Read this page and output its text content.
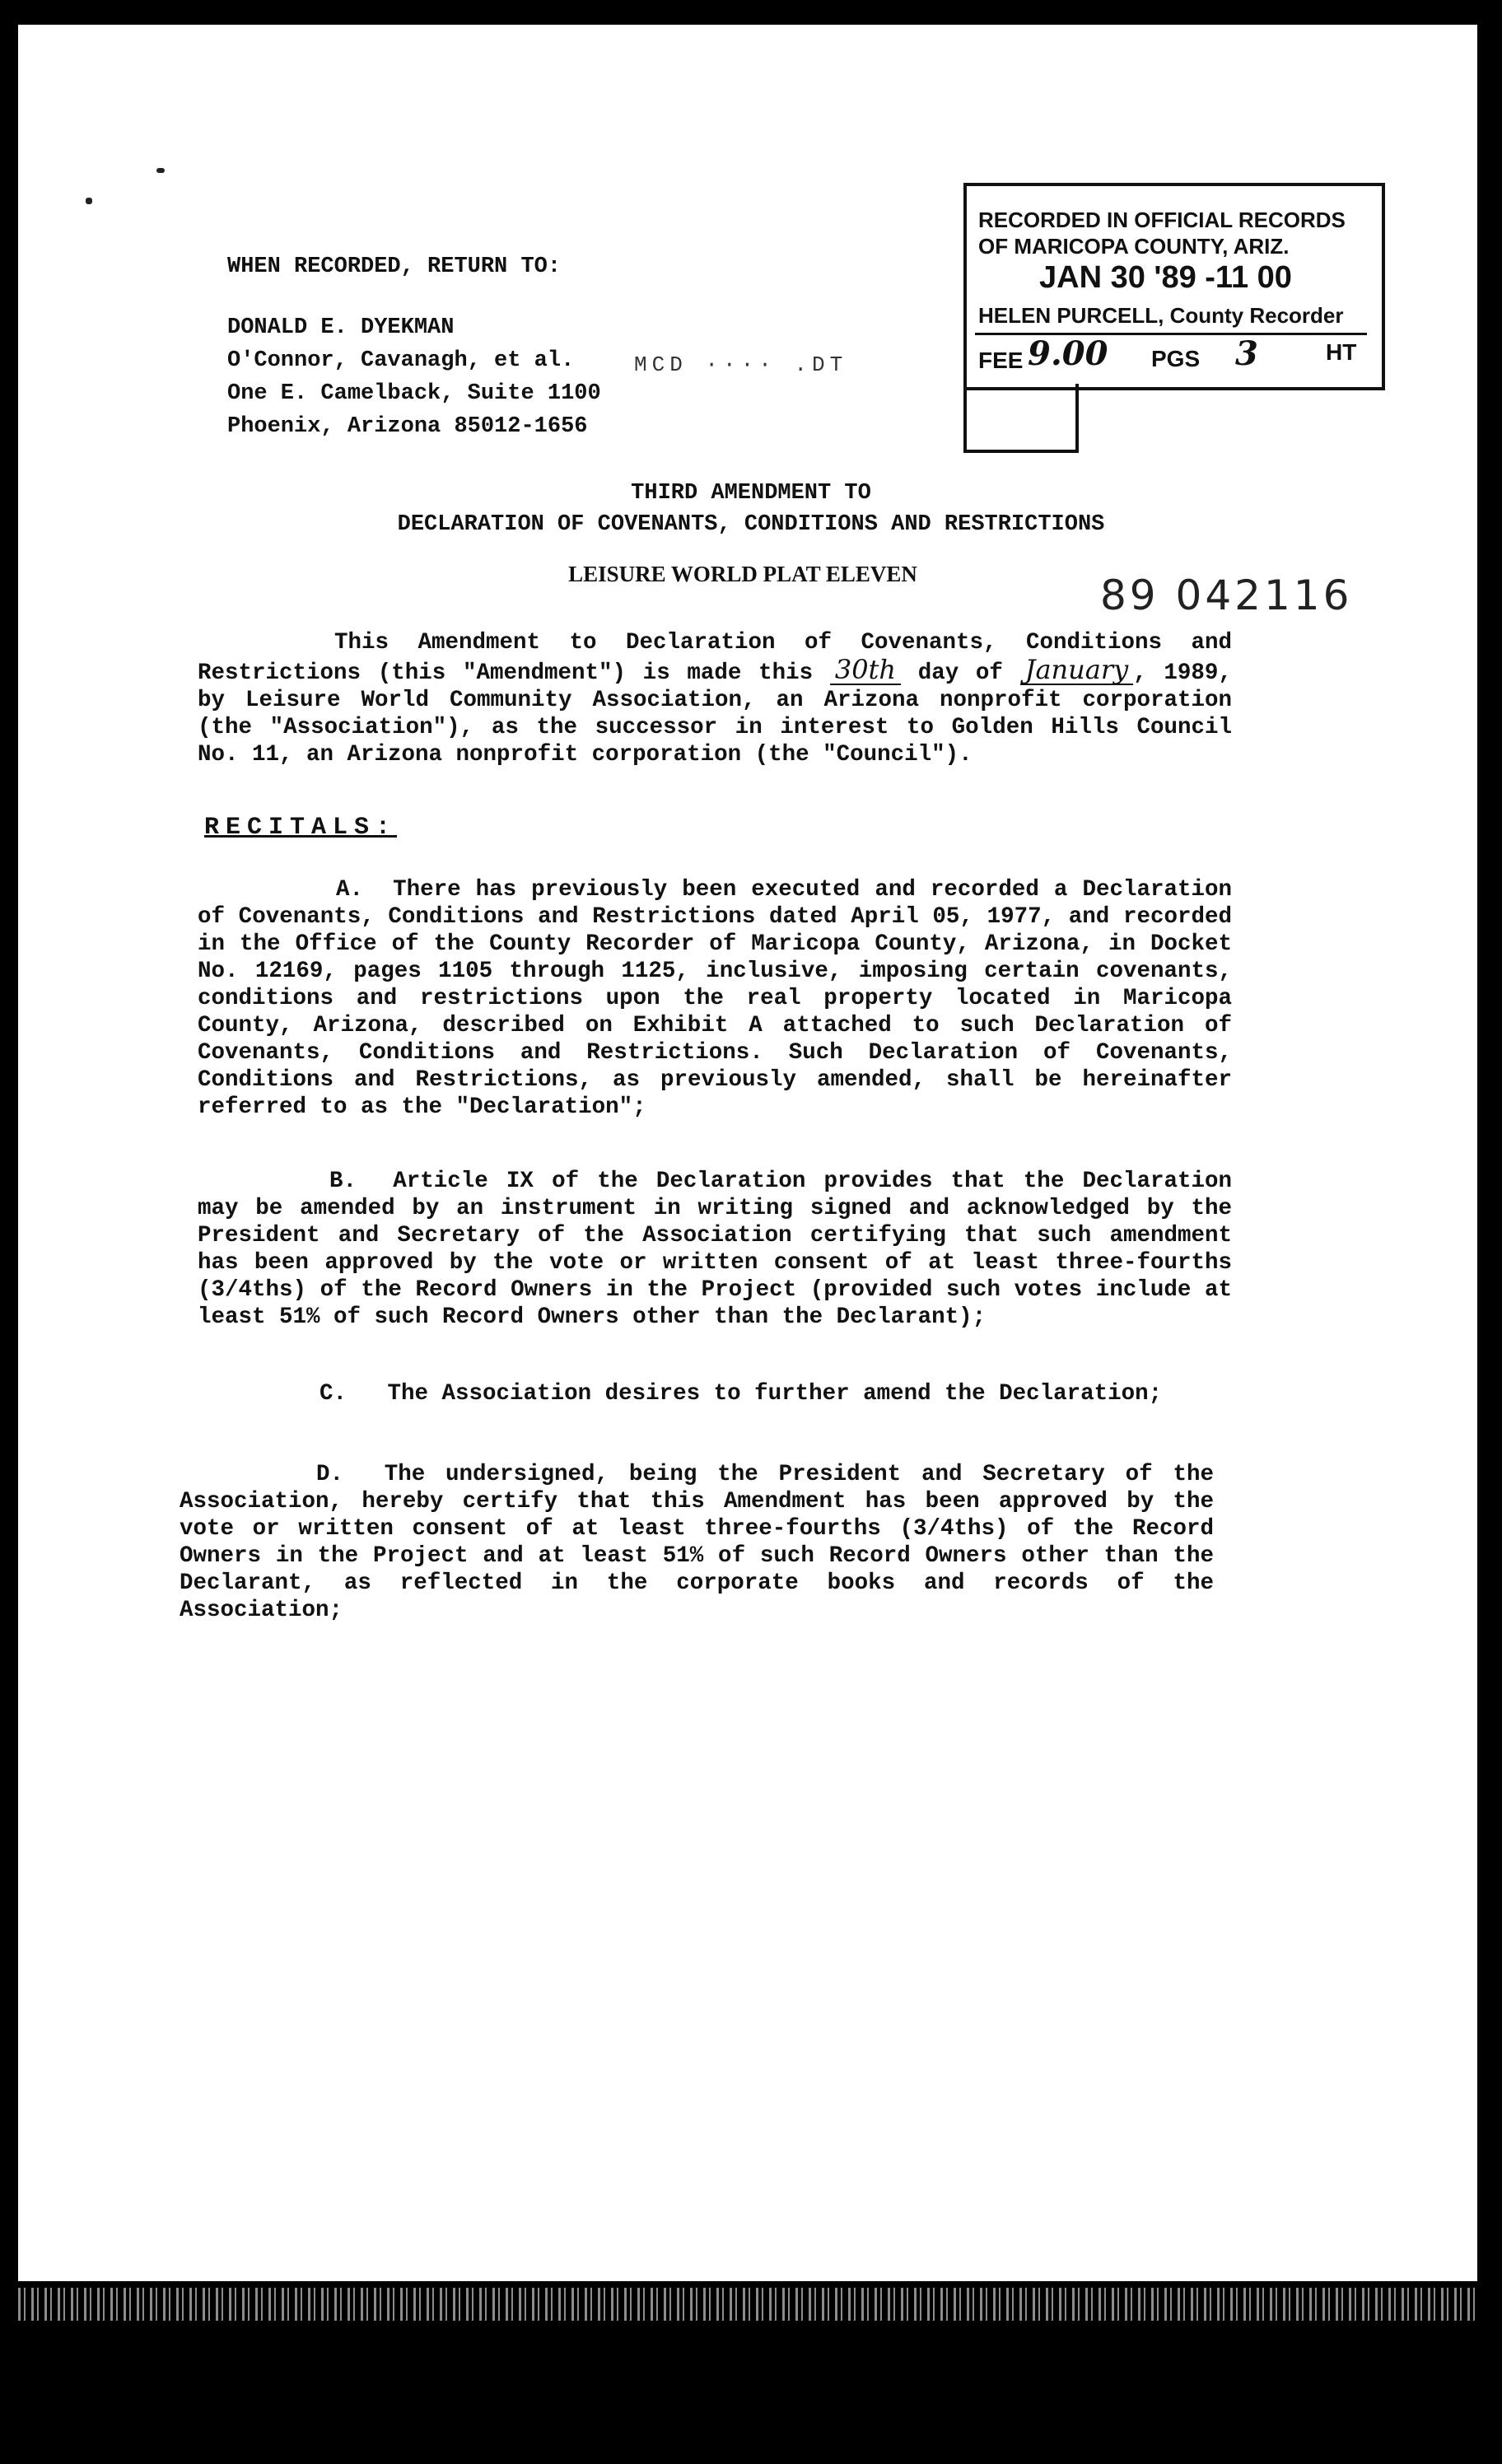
WHEN RECORDED, RETURN TO:
DONALD E. DYEKMAN
O'Connor, Cavanagh, et al.
One E. Camelback, Suite 1100
Phoenix, Arizona 85012-1656
MCD ···· .DT
RECORDED IN OFFICIAL RECORDS
OF MARICOPA COUNTY, ARIZ.
JAN 30 '89 -11 00
HELEN PURCELL, County Recorder
FEE 9.00 PGS 3	HT
THIRD AMENDMENT TO
DECLARATION OF COVENANTS, CONDITIONS AND RESTRICTIONS
LEISURE WORLD PLAT ELEVEN	89 042116

This Amendment to Declaration of Covenants, Conditions and Restrictions (this "Amendment") is made this 30th day of January , 1989, by Leisure World Community Association, an Arizona nonprofit corporation (the "Association"), as the successor in interest to Golden Hills Council No. 11, an Arizona nonprofit corporation (the "Council").

RECITALS:

A. There has previously been executed and recorded a Declaration of Covenants, Conditions and Restrictions dated April 05, 1977, and recorded in the Office of the County Recorder of Maricopa County, Arizona, in Docket No. 12169, pages 1105 through 1125, inclusive, imposing certain covenants, conditions and restrictions upon the real property located in Maricopa County, Arizona, described on Exhibit A attached to such Declaration of Covenants, Conditions and Restrictions. Such Declaration of Covenants, Conditions and Restrictions, as previously amended, shall be hereinafter referred to as the "Declaration";

B. Article IX of the Declaration provides that the Declaration may be amended by an instrument in writing signed and acknowledged by the President and Secretary of the Association certifying that such amendment has been approved by the vote or written consent of at least three-fourths (3/4ths) of the Record Owners in the Project (provided such votes include at least 51% of such Record Owners other than the Declarant);

C. The Association desires to further amend the Declaration;

D. The undersigned, being the President and Secretary of the Association, hereby certify that this Amendment has been approved by the vote or written consent of at least three-fourths (3/4ths) of the Record Owners in the Project and at least 51% of such Record Owners other than the Declarant, as reflected in the corporate books and records of the Association;
